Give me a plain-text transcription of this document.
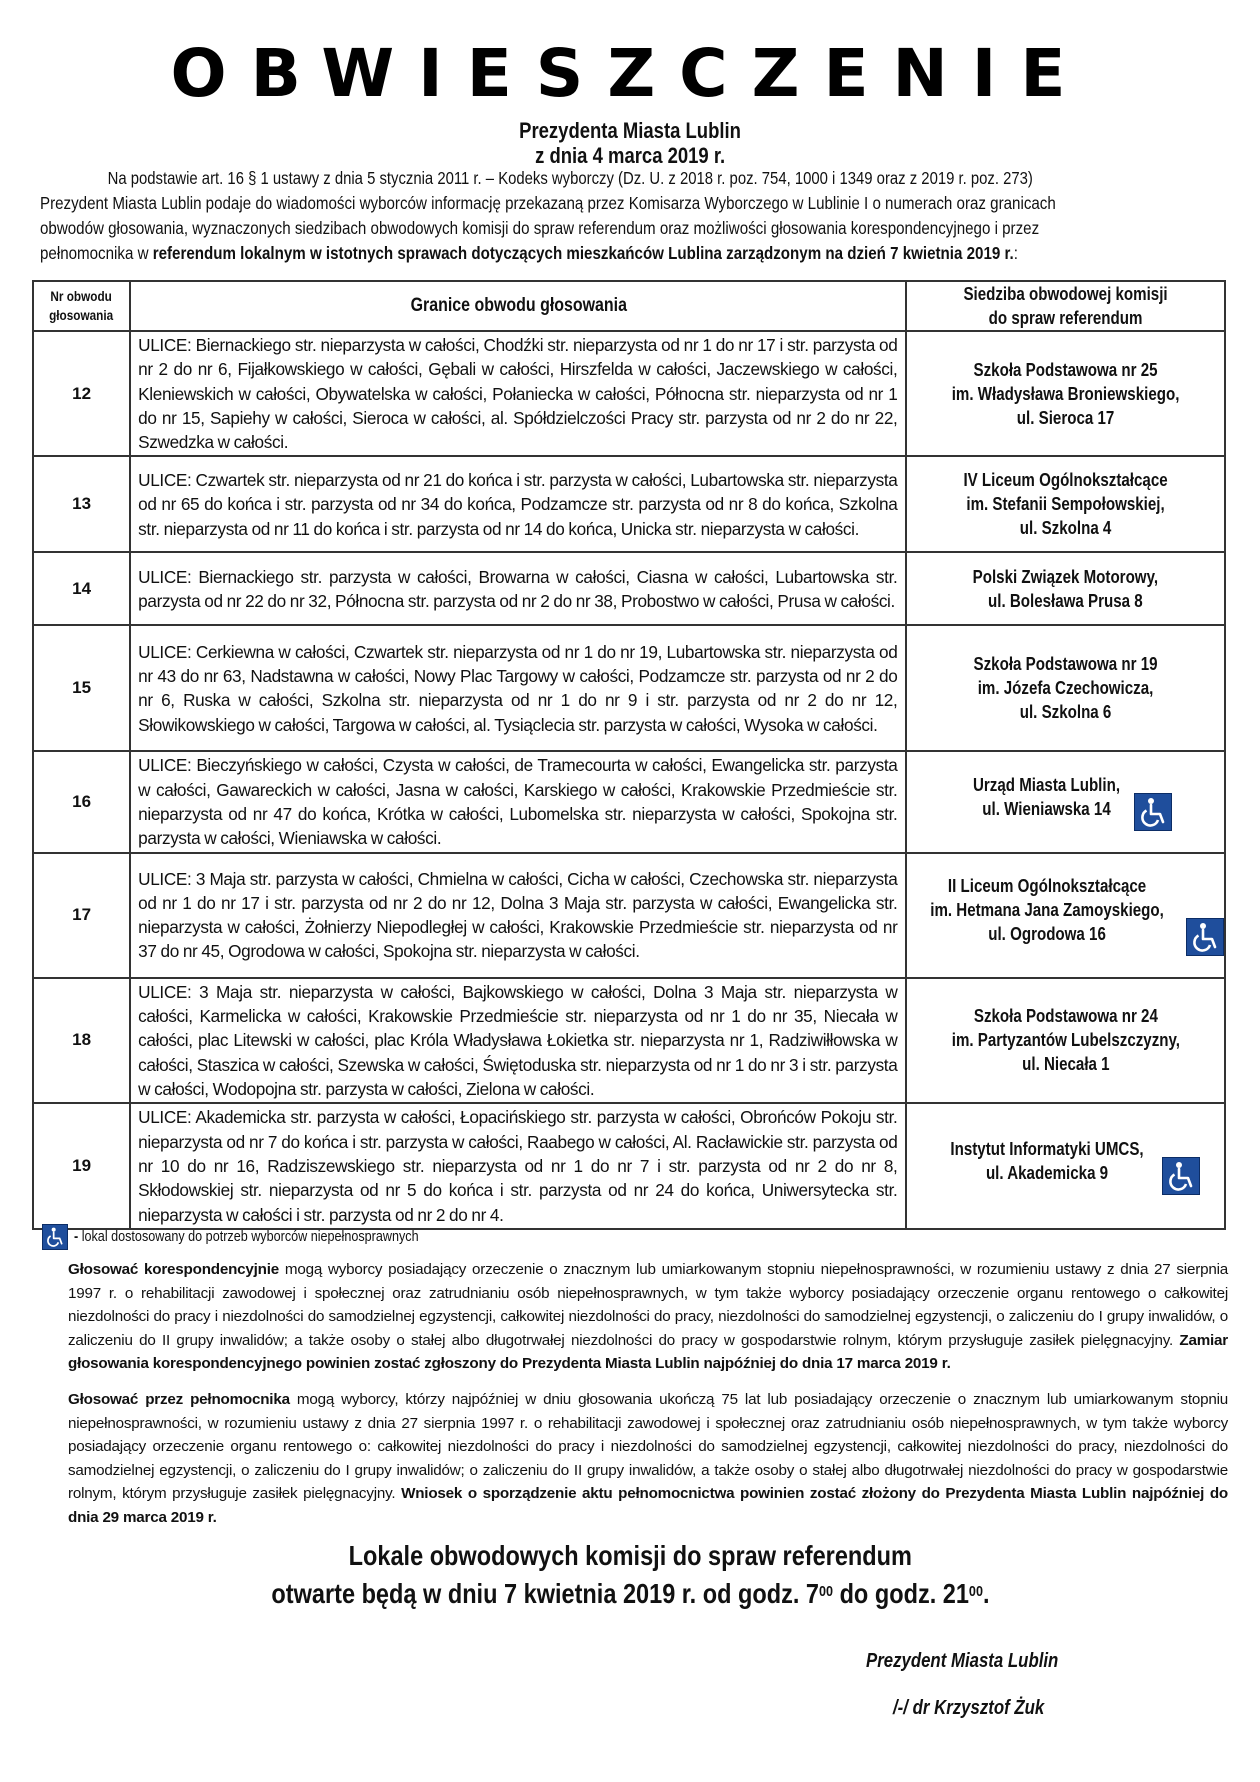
OBWIESZCZENIE
Prezydenta Miasta Lublin
z dnia 4 marca 2019 r.
Na podstawie art. 16 § 1 ustawy z dnia 5 stycznia 2011 r. – Kodeks wyborczy (Dz. U. z 2018 r. poz. 754, 1000 i 1349 oraz z 2019 r. poz. 273)
Prezydent Miasta Lublin podaje do wiadomości wyborców informację przekazaną przez Komisarza Wyborczego w Lublinie I o numerach oraz granicach
obwodów głosowania, wyznaczonych siedzibach obwodowych komisji do spraw referendum oraz możliwości głosowania korespondencyjnego i przez
pełnomocnika w referendum lokalnym w istotnych sprawach dotyczących mieszkańców Lublina zarządzonym na dzień 7 kwietnia 2019 r.:
Nr obwodu
głosowania	Granice obwodu głosowania	Siedziba obwodowej komisji
do spraw referendum
12	ULICE: Biernackiego str. nieparzysta w całości, Chodźki str. nieparzysta od nr 1 do nr 17 i str. parzysta od nr 2 do nr 6, Fijałkowskiego w całości, Gębali w całości, Hirszfelda w całości, Jaczewskiego w całości, Kleniewskich w całości, Obywatelska w całości, Połaniecka w całości, Północna str. nieparzysta od nr 1 do nr 15, Sapiehy w całości, Sieroca w całości, al. Spółdzielczości Pracy str. parzysta od nr 2 do nr 22, Szwedzka w całości.	Szkoła Podstawowa nr 25
im. Władysława Broniewskiego,
ul. Sieroca 17

13	ULICE: Czwartek str. nieparzysta od nr 21 do końca i str. parzysta w całości, Lubartowska str. nieparzysta od nr 65 do końca i str. parzysta od nr 34 do końca, Podzamcze str. parzysta od nr 8 do końca, Szkolna str. nieparzysta od nr 11 do końca i str. parzysta od nr 14 do końca, Unicka str. nieparzysta w całości.	IV Liceum Ogólnokształcące
im. Stefanii Sempołowskiej,
ul. Szkolna 4

14	ULICE: Biernackiego str. parzysta w całości, Browarna w całości, Ciasna w całości, Lubartowska str. parzysta od nr 22 do nr 32, Północna str. parzysta od nr 2 do nr 38, Probostwo w całości, Prusa w całości.	Polski Związek Motorowy,
ul. Bolesława Prusa 8

15	ULICE: Cerkiewna w całości, Czwartek str. nieparzysta od nr 1 do nr 19, Lubartowska str. nieparzysta od nr 43 do nr 63, Nadstawna w całości, Nowy Plac Targowy w całości, Podzamcze str. parzysta od nr 2 do nr 6, Ruska w całości, Szkolna str. nieparzysta od nr 1 do nr 9 i str. parzysta od nr 2 do nr 12, Słowikowskiego w całości, Targowa w całości, al. Tysiąclecia str. parzysta w całości, Wysoka w całości.	Szkoła Podstawowa nr 19
im. Józefa Czechowicza,
ul. Szkolna 6

16	ULICE: Bieczyńskiego w całości, Czysta w całości, de Tramecourta w całości, Ewangelicka str. parzysta w całości, Gawareckich w całości, Jasna w całości, Karskiego w całości, Krakowskie Przedmieście str. nieparzysta od nr 47 do końca, Krótka w całości, Lubomelska str. nieparzysta w całości, Spokojna str. parzysta w całości, Wieniawska w całości.	Urząd Miasta Lublin,
ul. Wieniawska 14

17	ULICE: 3 Maja str. parzysta w całości, Chmielna w całości, Cicha w całości, Czechowska str. nieparzysta od nr 1 do nr 17 i str. parzysta od nr 2 do nr 12, Dolna 3 Maja str. parzysta w całości, Ewangelicka str. nieparzysta w całości, Żołnierzy Niepodległej w całości, Krakowskie Przedmieście str. nieparzysta od nr 37 do nr 45, Ogrodowa w całości, Spokojna str. nieparzysta w całości.	II Liceum Ogólnokształcące
im. Hetmana Jana Zamoyskiego,
ul. Ogrodowa 16

18	ULICE: 3 Maja str. nieparzysta w całości, Bajkowskiego w całości, Dolna 3 Maja str. nieparzysta w całości, Karmelicka w całości, Krakowskie Przedmieście str. nieparzysta od nr 1 do nr 35, Niecała w całości, plac Litewski w całości, plac Króla Władysława Łokietka str. nieparzysta nr 1, Radziwiłłowska w całości, Staszica w całości, Szewska w całości, Świętoduska str. nieparzysta od nr 1 do nr 3 i str. parzysta w całości, Wodopojna str. parzysta w całości, Zielona w całości.	Szkoła Podstawowa nr 24
im. Partyzantów Lubelszczyzny,
ul. Niecała 1

19	ULICE: Akademicka str. parzysta w całości, Łopacińskiego str. parzysta w całości, Obrońców Pokoju str. nieparzysta od nr 7 do końca i str. parzysta w całości, Raabego w całości, Al. Racławickie str. parzysta od nr 10 do nr 16, Radziszewskiego str. nieparzysta od nr 1 do nr 7 i str. parzysta od nr 2 do nr 8, Skłodowskiej str. nieparzysta od nr 5 do końca i str. parzysta od nr 24 do końca, Uniwersytecka str. nieparzysta w całości i str. parzysta od nr 2 do nr 4.	Instytut Informatyki UMCS,
ul. Akademicka 9

- lokal dostosowany do potrzeb wyborców niepełnosprawnych
Głosować korespondencyjnie mogą wyborcy posiadający orzeczenie o znacznym lub umiarkowanym stopniu niepełnosprawności, w rozumieniu ustawy z dnia 27 sierpnia 1997 r. o rehabilitacji zawodowej i społecznej oraz zatrudnianiu osób niepełnosprawnych, w tym także wyborcy posiadający orzeczenie organu rentowego o całkowitej niezdolności do pracy i niezdolności do samodzielnej egzystencji, całkowitej niezdolności do pracy, niezdolności do samodzielnej egzystencji, o zaliczeniu do I grupy inwalidów, o zaliczeniu do II grupy inwalidów; a także osoby o stałej albo długotrwałej niezdolności do pracy w gospodarstwie rolnym, którym przysługuje zasiłek pielęgnacyjny. Zamiar głosowania korespondencyjnego powinien zostać zgłoszony do Prezydenta Miasta Lublin najpóźniej do dnia 17 marca 2019 r.
Głosować przez pełnomocnika mogą wyborcy, którzy najpóźniej w dniu głosowania ukończą 75 lat lub posiadający orzeczenie o znacznym lub umiarkowanym stopniu niepełnosprawności, w rozumieniu ustawy z dnia 27 sierpnia 1997 r. o rehabilitacji zawodowej i społecznej oraz zatrudnianiu osób niepełnosprawnych, w tym także wyborcy posiadający orzeczenie organu rentowego o: całkowitej niezdolności do pracy i niezdolności do samodzielnej egzystencji, całkowitej niezdolności do pracy, niezdolności do samodzielnej egzystencji, o zaliczeniu do I grupy inwalidów; o zaliczeniu do II grupy inwalidów, a także osoby o stałej albo długotrwałej niezdolności do pracy w gospodarstwie rolnym, którym przysługuje zasiłek pielęgnacyjny. Wniosek o sporządzenie aktu pełnomocnictwa powinien zostać złożony do Prezydenta Miasta Lublin najpóźniej do dnia 29 marca 2019 r.
Lokale obwodowych komisji do spraw referendum
otwarte będą w dniu 7 kwietnia 2019 r. od godz. $7^{00}$ do godz. $21^{00}$.
Prezydent Miasta Lublin
/-/ dr Krzysztof Żuk
